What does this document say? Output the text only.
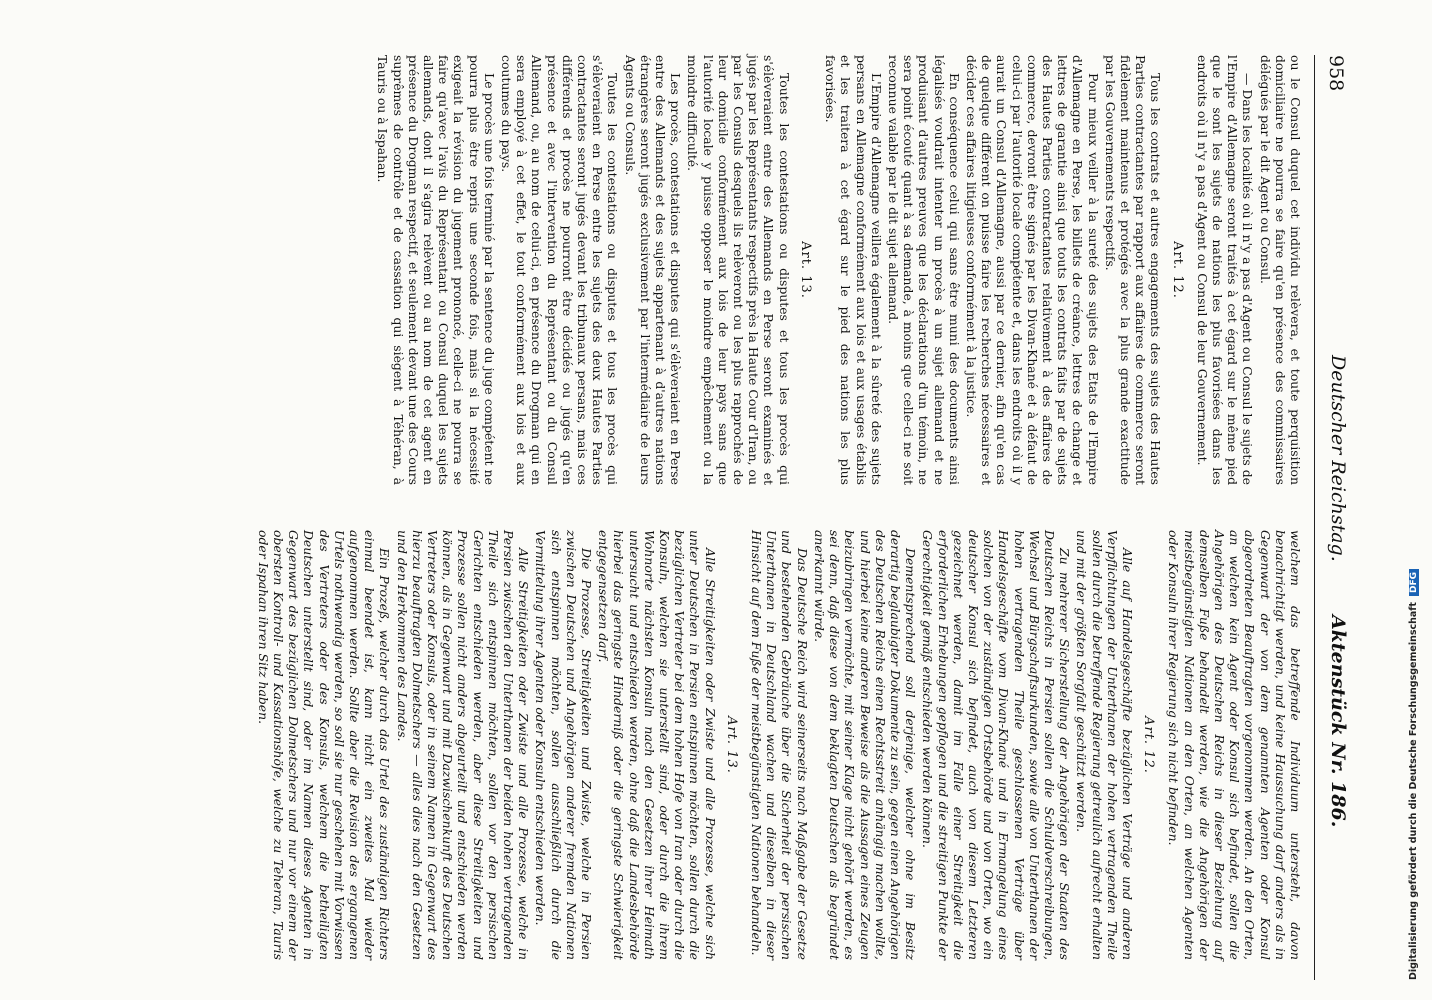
958
Deutscher Reichstag.
Aktenstück Nr. 186.

ou le Consul duquel cet individu relèvera, et toute perquisition domiciliaire ne pourra se faire qu'en présence des commissaires délégués par le dit Agent ou Consul.

— Dans les localités où il n'y a pas d'Agent ou Consul le sujets de l'Empire d'Allemagne seront traités à cet égard sur le même pied que le sont les sujets de nations les plus favorisées dans les endroits où il n'y a pas d'Agent ou Consul de leur Gouvernement.

Art. 12.

Tous les contrats et autres engagements des sujets des Hautes Parties contractantes par rapport aux affaires de commerce seront fidèlement maintenus et protégés avec la plus grande exactitude par les Gouvernements respectifs.

Pour mieux veiller à la sureté des sujets des Etats de l'Empire d'Allemagne en Perse, les billets de créance, lettres de change et lettres de garantie ainsi que touts les contrats faits par de sujets des Hautes Parties contractantes relativement à des affaires de commerce, devront être signés par les Divan-Khané et à défaut de celui-ci par l'autorité locale compétente et, dans les endroits où il y aurait un Consul d'Allemagne, aussi par ce dernier, afin qu'en cas de quelque différent on puisse faire les recherches nécessaires et décider ces affaires litigieuses conformément à la justice.

En conséquence celui qui sans être muni des documents ainsi légalisés voudrait intenter un procès à un sujet allemand et ne produisant d'autres preuves que les déclarations d'un témoin, ne sera point écouté quant à sa demande, à moins que celle-ci ne soit reconnue valable par le dit sujet allemand.

L'Empire d'Allemagne veillera également à la sûreté des sujets persans en Allemagne conformément aux lois et aux usages établis et les traitera à cet égard sur le pied des nations les plus favorisées.

Art. 13.

Toutes les contestations ou disputes et tous les procès qui s'élèveraient entre des Allemands en Perse seront examinés et jugés par les Représentants respectifs près la Haute Cour d'Iran, ou par les Consuls desquels ils relèveront ou les plus rapprochés de leur domicile conformément aux lois de leur pays sans que l'autorité locale y puisse opposer le moindre empêchement ou la moindre difficulté.

Les procès, contestations et disputes qui s'élèveraient en Perse entre des Allemands et des sujets appartenant à d'autres nations étrangères seront jugés exclusivement par l'intermédiaire de leurs Agents ou Consuls.

Toutes les contestations ou disputes et tous les procès qui s'élèveraient en Perse entre les sujets des deux Hautes Parties contractantes seront jugés devant les tribunaux persans, mais ces différends et procès ne pourront être décidés ou jugés qu'en présence et avec l'intervention du Représentant ou du Consul Allemand, ou, au nom de celui-ci, en présence du Drogman qui en sera employé à cet effet, le tout conformément aux lois et aux coutumes du pays.

Le procès une fois terminé par la sentence du juge compétent ne pourra plus être repris une seconde fois, mais si la nécessité exigeait la révision du jugement prononcé, celle-ci ne pourra se faire qu'avec l'avis du Représentant ou Consul duquel les sujets allemands, dont il s'agira relèvent ou au nom de cet agent en présence du Drogman respectif, et seulement devant une des Cours suprêmes de contrôle et de cassation qui siègent à Téhéran, à Tauris ou à Ispahan.

welchem das betreffende Individuum untersteht, davon benachrichtigt werden, und keine Haussuchung darf anders als in Gegenwart der von dem genannten Agenten oder Konsul abgeordneten Beauftragten vorgenommen werden. An den Orten, an welchen kein Agent oder Konsul sich befindet, sollen die Angehörigen des Deutschen Reichs in dieser Beziehung auf demselben Fuße behandelt werden, wie die Angehörigen der meistbegünstigten Nationen an den Orten, an welchen Agenten oder Konsuln ihrer Regierung sich nicht befinden.

Art. 12.

Alle auf Handelsgeschäfte bezüglichen Verträge und anderen Verpflichtungen der Unterthanen der hohen vertragenden Theile sollen durch die betreffende Regierung getreulich aufrecht erhalten und mit der größten Sorgfalt geschützt werden.

Zu mehrerer Sicherstellung der Angehörigen der Staaten des Deutschen Reichs in Persien sollen die Schuldverschreibungen, Wechsel und Bürgschaftsurkunden, sowie alle von Unterthanen der hohen vertragenden Theile geschlossenen Verträge über Handelsgeschäfte vom Divan-Khané und in Ermangelung eines solchen von der zuständigen Ortsbehörde und von Orten, wo ein deutscher Konsul sich befindet, auch von diesem Letzteren gezeichnet werden, damit im Falle einer Streitigkeit die erforderlichen Erhebungen gepflogen und die streitigen Punkte der Gerechtigkeit gemäß entschieden werden können.

Dementsprechend soll derjenige, welcher ohne im Besitz derartig beglaubigter Dokumente zu sein, gegen einen Angehörigen des Deutschen Reichs einen Rechtsstreit anhängig machen wollte, und hierbei keine anderen Beweise als die Aussagen eines Zeugen beizubringen vermöchte, mit seiner Klage nicht gehört werden, es sei denn, daß diese von dem beklagten Deutschen als begründet anerkannt würde.

Das Deutsche Reich wird seinerseits nach Maßgabe der Gesetze und bestehenden Gebräuche über die Sicherheit der persischen Unterthanen in Deutschland wachen und dieselben in dieser Hinsicht auf dem Fuße der meistbegünstigten Nationen behandeln.

Art. 13.

Alle Streitigkeiten oder Zwiste und alle Prozesse, welche sich unter Deutschen in Persien entspinnen möchten, sollen durch die bezüglichen Vertreter bei dem hohen Hofe von Iran oder durch die Konsuln, welchen sie unterstellt sind, oder durch die ihrem Wohnorte nächsten Konsuln nach den Gesetzen ihrer Heimath untersucht und entschieden werden, ohne daß die Landesbehörde hierbei das geringste Hinderniß oder die geringste Schwierigkeit entgegensetzen darf.

Die Prozesse, Streitigkeiten und Zwiste, welche in Persien zwischen Deutschen und Angehörigen anderer fremden Nationen sich entspinnen möchten, sollen ausschließlich durch die Vermittelung ihrer Agenten oder Konsuln entschieden werden.

Alle Streitigkeiten oder Zwiste und alle Prozesse, welche in Persien zwischen den Unterthanen der beiden hohen vertragenden Theile sich entspinnen möchten, sollen vor den persischen Gerichten entschieden werden, aber diese Streitigkeiten und Prozesse sollen nicht anders abgeurteilt und entschieden werden können, als in Gegenwart und mit Dazwischenkunft des Deutschen Vertreters oder Konsuls, oder in seinem Namen in Gegenwart des hierzu beauftragten Dolmetschers — alles dies nach den Gesetzen und den Herkommen des Landes.

Ein Prozeß, welcher durch das Urtel des zuständigen Richters einmal beendet ist, kann nicht ein zweites Mal wieder aufgenommen werden. Sollte aber die Revision des ergangenen Urtels nothwendig werden, so soll sie nur geschehen mit Vorwissen des Vertreters oder des Konsuls, welchem die betheiligten Deutschen unterstellt sind, oder im Namen dieses Agenten in Gegenwart des bezüglichen Dolmetschers und nur vor einem der obersten Kontroll- und Kassationshöfe, welche zu Teheran, Tauris oder Ispahan ihren Sitz haben.	Digitalisierung gefördert durch die Deutsche ForschungsgemeinschaftDFG
